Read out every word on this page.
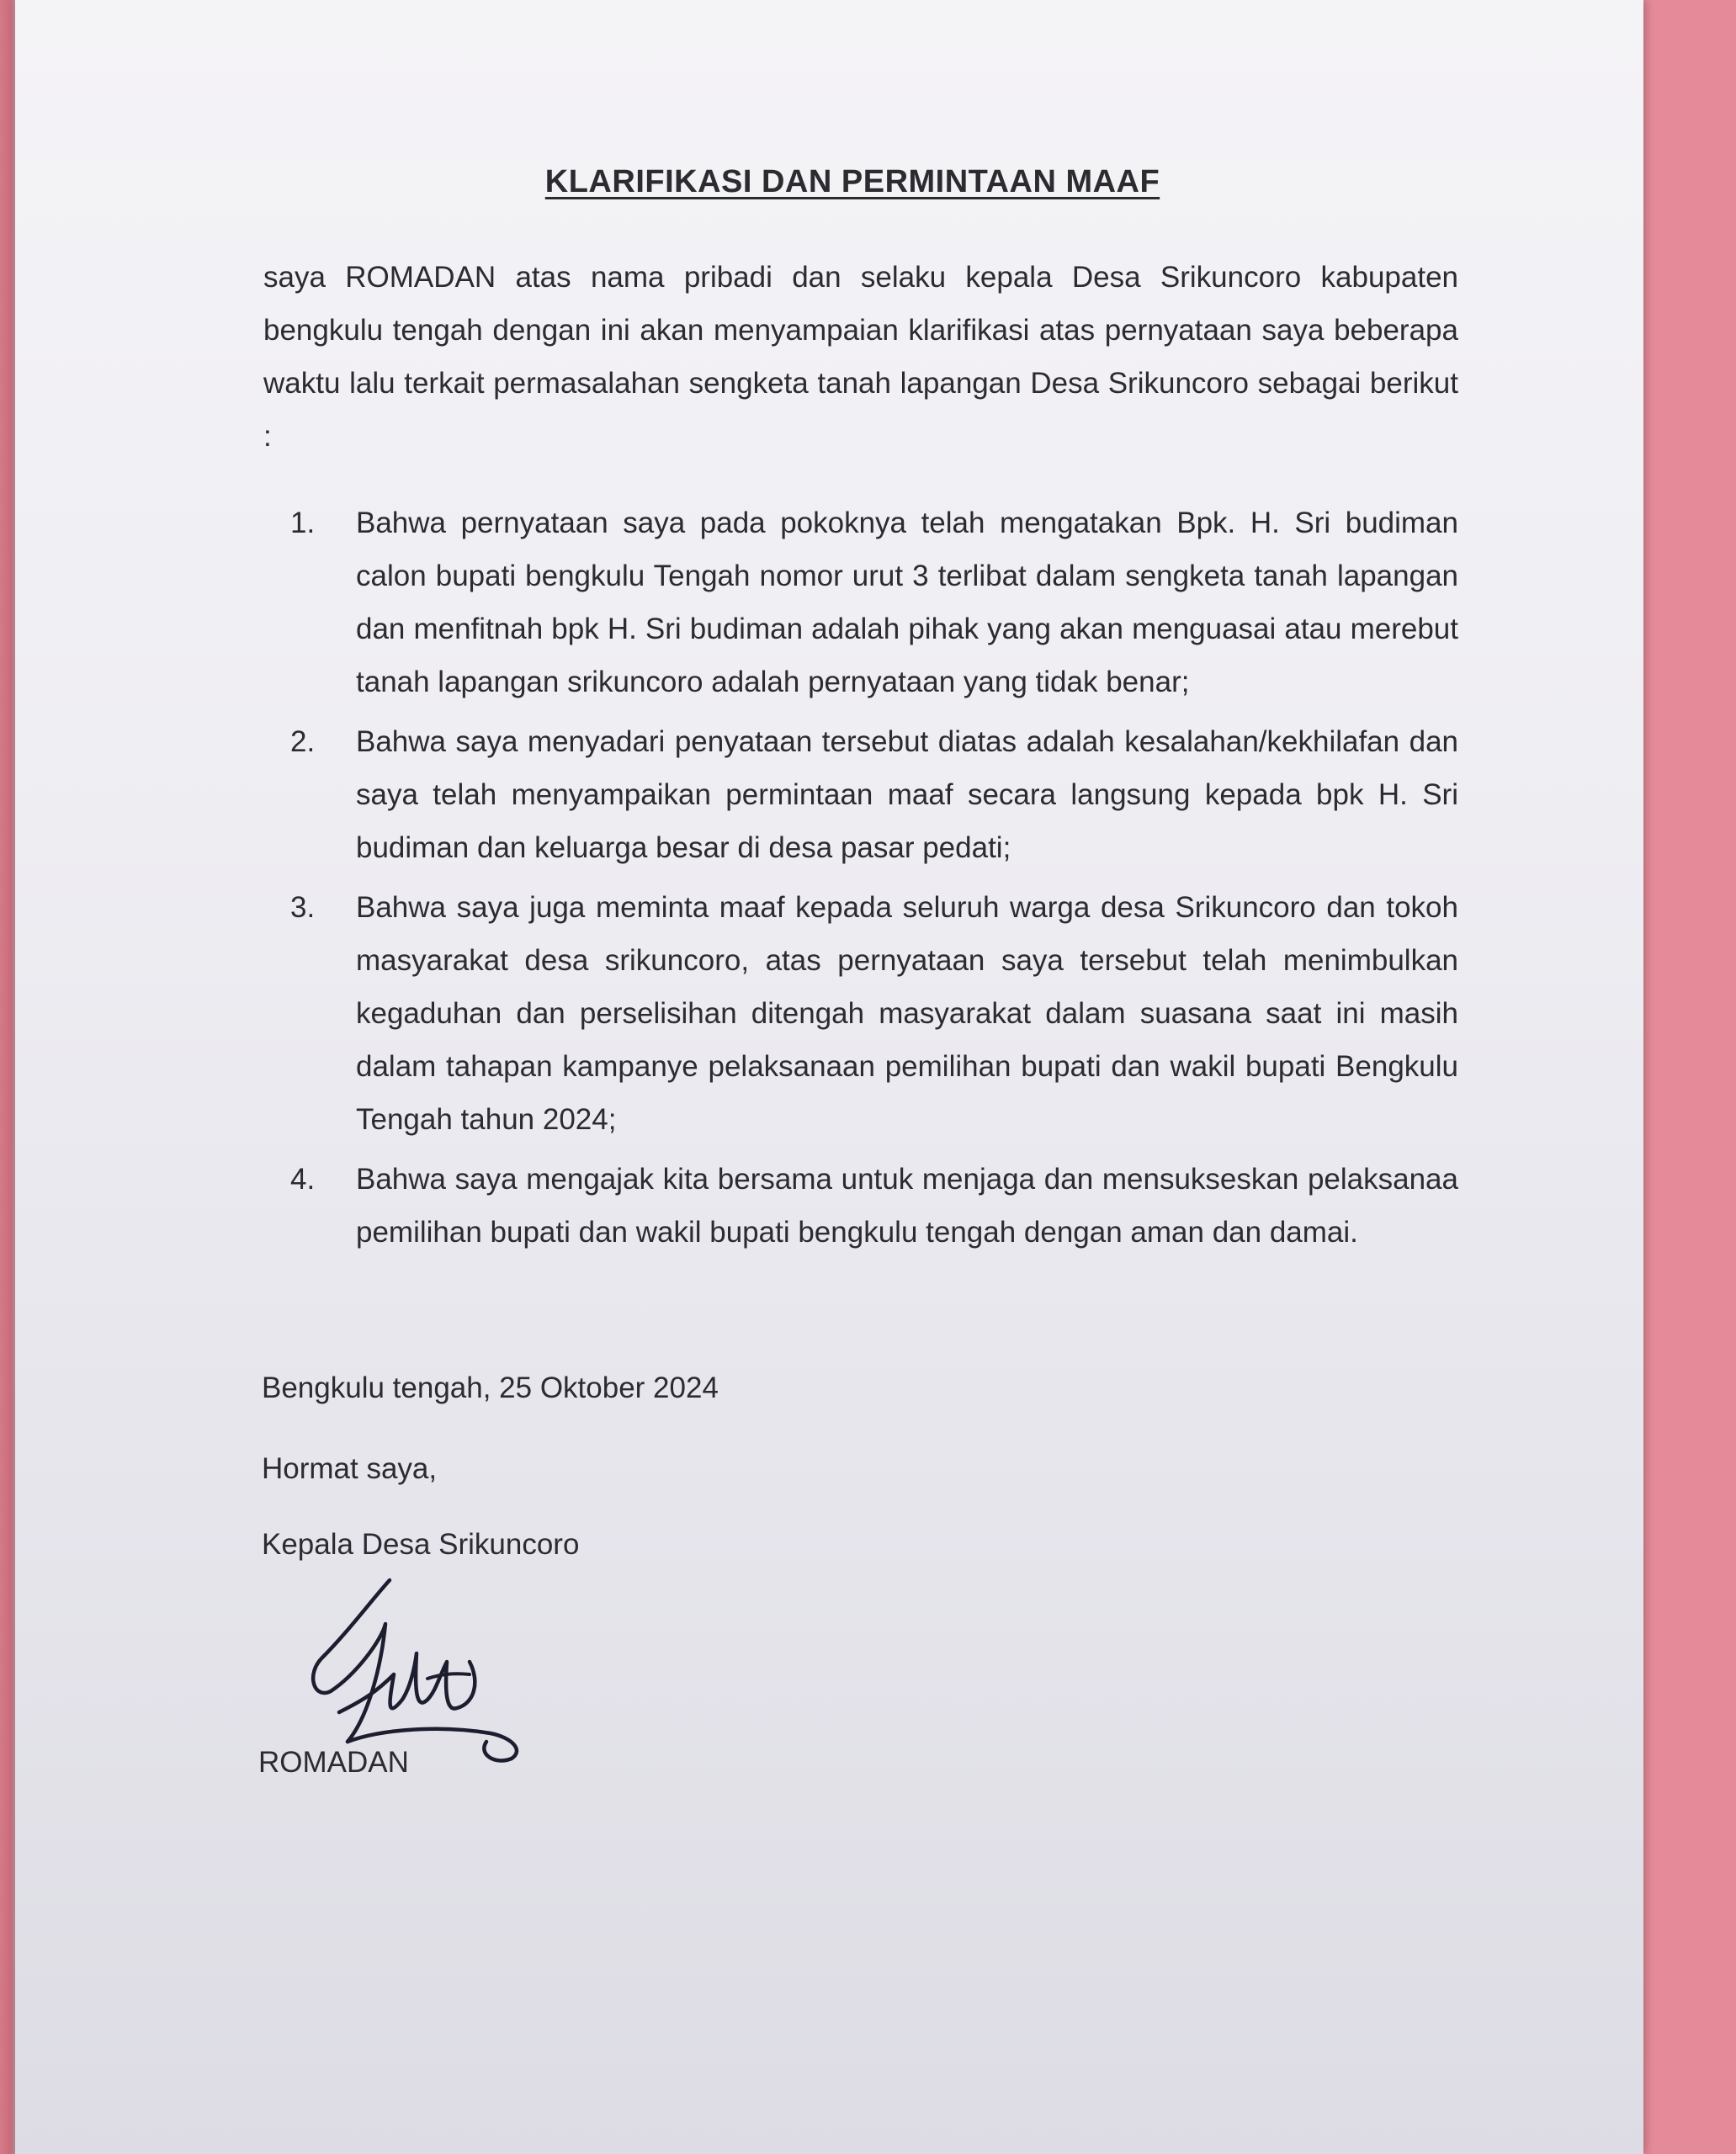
KLARIFIKASI DAN PERMINTAAN MAAF
saya ROMADAN atas nama pribadi dan selaku kepala Desa Srikuncoro kabupaten bengkulu tengah dengan ini akan menyampaian klarifikasi atas pernyataan saya beberapa waktu lalu terkait permasalahan sengketa tanah lapangan Desa Srikuncoro sebagai berikut :
1. Bahwa pernyataan saya pada pokoknya telah mengatakan Bpk. H. Sri budiman calon bupati bengkulu Tengah nomor urut 3 terlibat dalam sengketa tanah lapangan dan menfitnah bpk H. Sri budiman adalah pihak yang akan menguasai atau merebut tanah lapangan srikuncoro adalah pernyataan yang tidak benar;
2. Bahwa saya menyadari penyataan tersebut diatas adalah kesalahan/kekhilafan dan saya telah menyampaikan permintaan maaf secara langsung kepada bpk H. Sri budiman dan keluarga besar di desa pasar pedati;
3. Bahwa saya juga meminta maaf kepada seluruh warga desa Srikuncoro dan tokoh masyarakat desa srikuncoro, atas pernyataan saya tersebut telah menimbulkan kegaduhan dan perselisihan ditengah masyarakat dalam suasana saat ini masih dalam tahapan kampanye pelaksanaan pemilihan bupati dan wakil bupati Bengkulu Tengah tahun 2024;
4. Bahwa saya mengajak kita bersama untuk menjaga dan mensukseskan pelaksanaa pemilihan bupati dan wakil bupati bengkulu tengah dengan aman dan damai.
Bengkulu tengah, 25 Oktober 2024
Hormat saya,
Kepala Desa Srikuncoro
ROMADAN
